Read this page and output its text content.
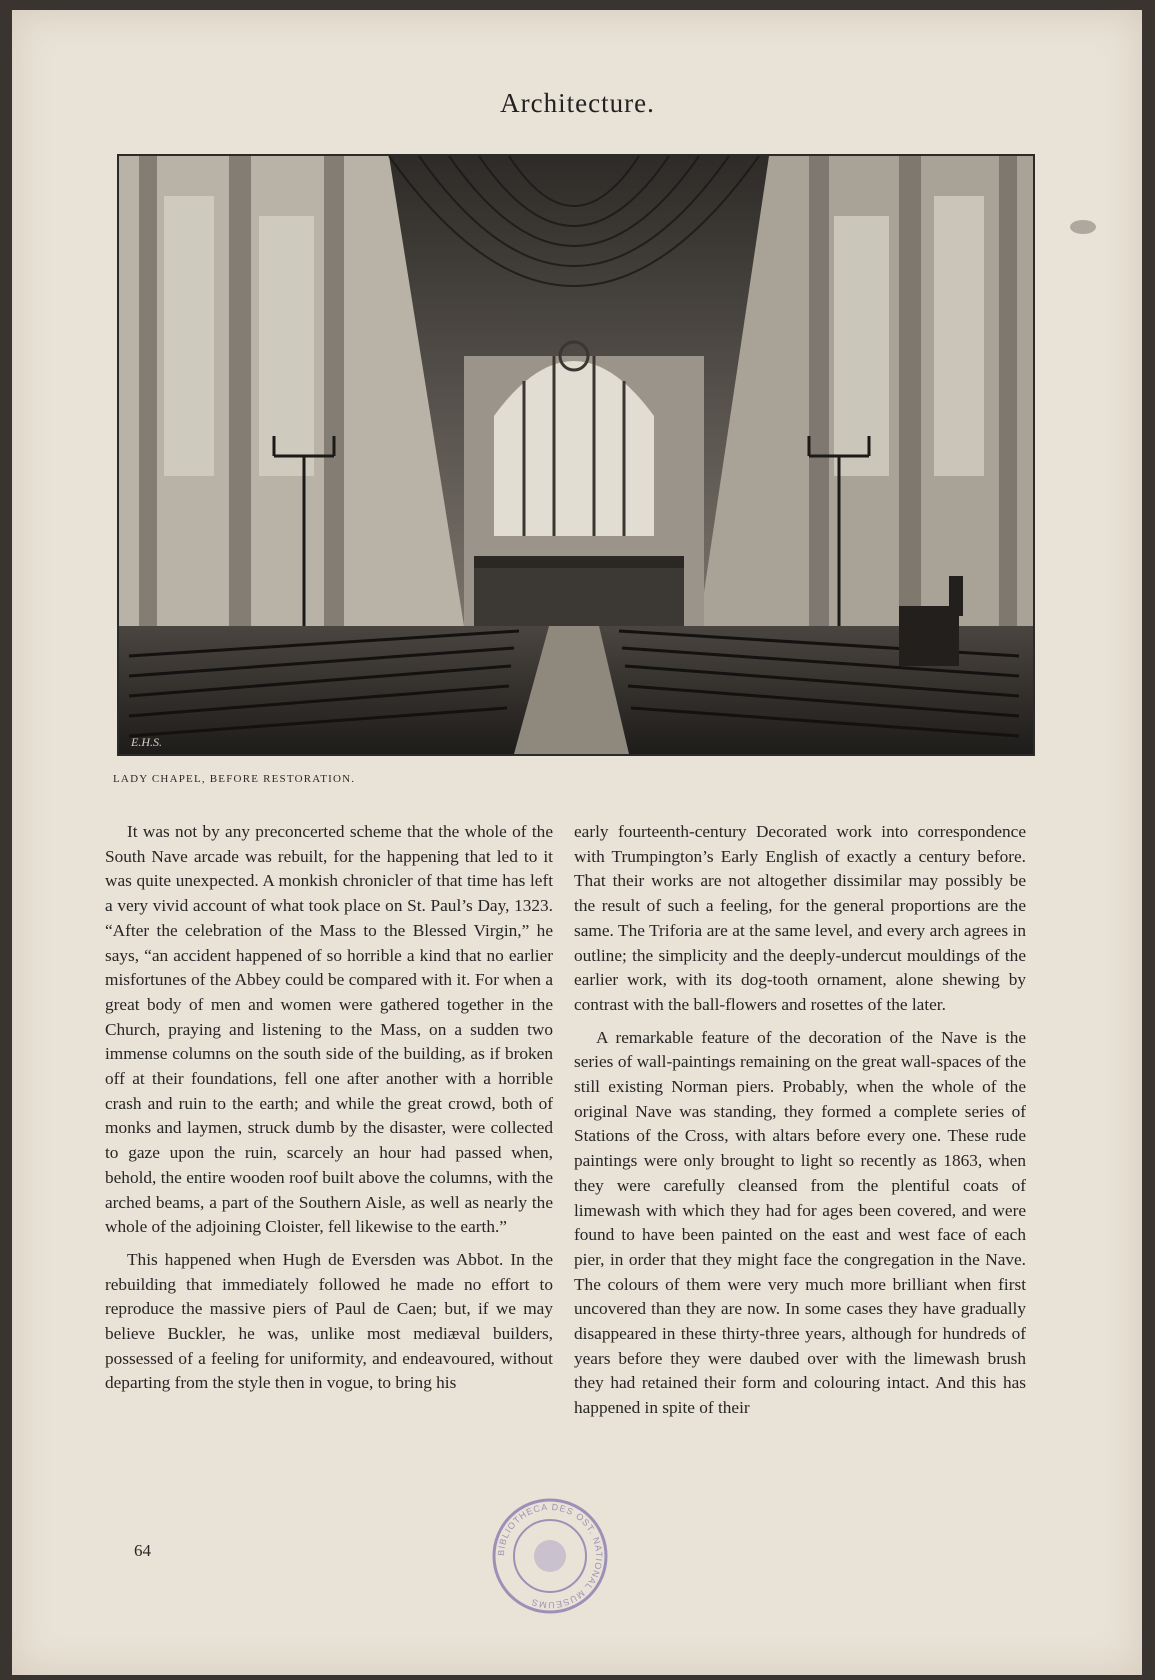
Architecture.
E.H.S.
LADY CHAPEL, BEFORE RESTORATION.

It was not by any preconcerted scheme that the whole of the South Nave arcade was rebuilt, for the happening that led to it was quite unexpected. A monkish chronicler of that time has left a very vivid account of what took place on St. Paul’s Day, 1323. “After the celebration of the Mass to the Blessed Virgin,” he says, “an accident happened of so horrible a kind that no earlier misfortunes of the Abbey could be compared with it. For when a great body of men and women were gathered together in the Church, praying and listening to the Mass, on a sudden two immense columns on the south side of the building, as if broken off at their foundations, fell one after another with a horrible crash and ruin to the earth; and while the great crowd, both of monks and laymen, struck dumb by the disaster, were collected to gaze upon the ruin, scarcely an hour had passed when, behold, the entire wooden roof built above the columns, with the arched beams, a part of the Southern Aisle, as well as nearly the whole of the adjoining Cloister, fell likewise to the earth.”

This happened when Hugh de Eversden was Abbot. In the rebuilding that immediately followed he made no effort to reproduce the massive piers of Paul de Caen; but, if we may believe Buckler, he was, unlike most mediæval builders, possessed of a feeling for uniformity, and endeavoured, without departing from the style then in vogue, to bring his

early fourteenth-century Decorated work into correspondence with Trumpington’s Early English of exactly a century before. That their works are not altogether dissimilar may possibly be the result of such a feeling, for the general proportions are the same. The Triforia are at the same level, and every arch agrees in outline; the simplicity and the deeply-undercut mouldings of the earlier work, with its dog-tooth ornament, alone shewing by contrast with the ball-flowers and rosettes of the later.

A remarkable feature of the decoration of the Nave is the series of wall-paintings remaining on the great wall-spaces of the still existing Norman piers. Probably, when the whole of the original Nave was standing, they formed a complete series of Stations of the Cross, with altars before every one. These rude paintings were only brought to light so recently as 1863, when they were carefully cleansed from the plentiful coats of limewash with which they had for ages been covered, and were found to have been painted on the east and west face of each pier, in order that they might face the congregation in the Nave. The colours of them were very much more brilliant when first uncovered than they are now. In some cases they have gradually disappeared in these thirty-three years, although for hundreds of years before they were daubed over with the limewash brush they had retained their form and colouring intact. And this has happened in spite of their

64	BIBLIOTHECA DES OST. NATIONAL MUSEUMS
